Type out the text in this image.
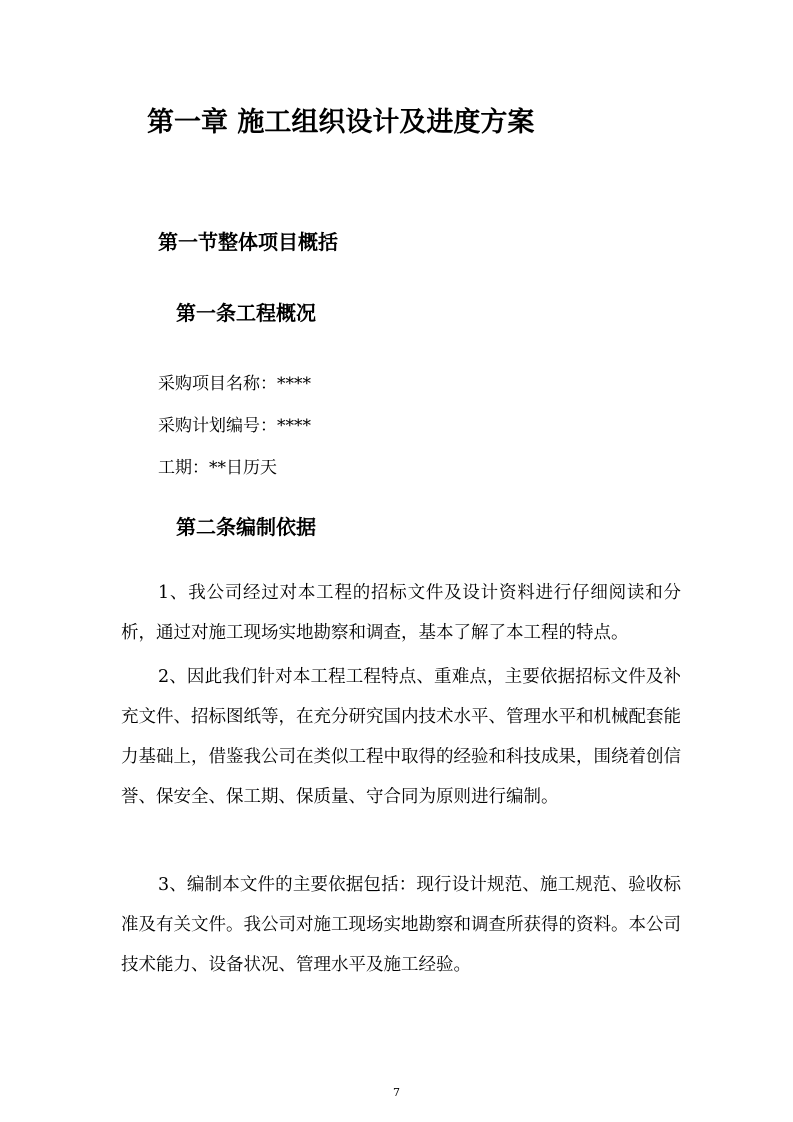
第一章 施工组织设计及进度方案
第一节整体项目概括
第一条工程概况
采购项目名称：****
采购计划编号：****
工期：**日历天
第二条编制依据
1、我公司经过对本工程的招标文件及设计资料进行仔细阅读和分析，通过对施工现场实地勘察和调查，基本了解了本工程的特点。
2、因此我们针对本工程工程特点、重难点，主要依据招标文件及补充文件、招标图纸等，在充分研究国内技术水平、管理水平和机械配套能力基础上，借鉴我公司在类似工程中取得的经验和科技成果，围绕着创信誉、保安全、保工期、保质量、守合同为原则进行编制。
3、编制本文件的主要依据包括：现行设计规范、施工规范、验收标准及有关文件。我公司对施工现场实地勘察和调查所获得的资料。本公司技术能力、设备状况、管理水平及施工经验。
7
